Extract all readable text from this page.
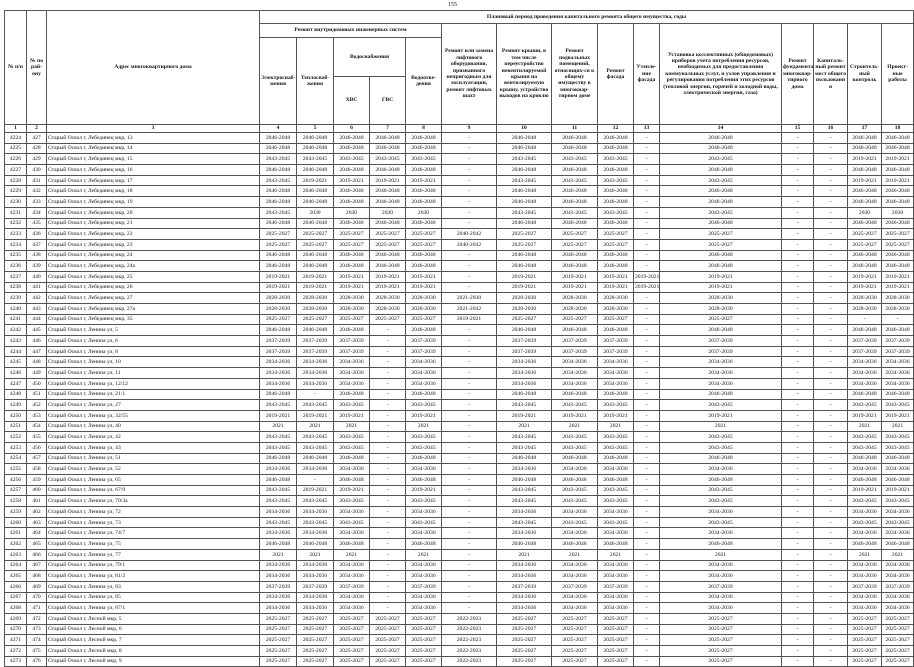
155
№ п/п	№ по рай-ону	Адрес многоквартирного дома	Плановый период проведения капитального ремонта общего имущества, годы														
			Ремонт внутридомовых инженерных систем					Ремонт или замена лифтового оборудования, признанного непригодным для эксплуатации, ремонт лифтовых шахт	Ремонт крыши, в том числе переустройство невентилируемой крыши на вентилируемую крышу, устройство выходов на кровлю	Ремонт подвальных помещений, относящих-ся к общему имуществу в многоквар-тирном доме	Ремонт фасада	Утепле-ние фасада	Установка коллективных (общедомовых) приборов учета потребления ресурсов, необходимых для предоставления коммунальных услуг, и узлов управления и регулирования потребления этих ресурсов (тепловой энергии, горячей и холодной воды, электрической энергии, газа)	Ремонт фундамента многоквар-тирного дома	Капиталь-ный ремонт мест общего пользовани я	Строитель-ный контроль	Проект-ные работы
			Электроснаб-жения	Теплоснаб-жения	Водоснабжения
ХВС ГВС		Водоотве-дения										
1	2	3	4	5	6	7	8	9	10	11	12	13	14	15	16	17	18
4224	427	Старый Оскол г, Лебединец мкр, 13	2046-2048	2046-2048	2046-2048	2046-2048	2046-2048	-	2046-2048	2046-2048	2046-2048	-	2046-2048	-	-	2046-2048	2046-2048
4225	428	Старый Оскол г, Лебединец мкр, 14	2046-2048	2046-2048	2046-2048	2046-2048	2046-2048	-	2046-2048	2046-2048	2046-2048	-	2046-2048	-	-	2046-2048	2046-2048
4226	429	Старый Оскол г, Лебединец мкр, 15	2043-2045	2043-2045	2043-2045	2043-2045	2043-2045	-	2043-2045	2043-2045	2043-2045	-	2043-2045	-	-	2019-2021	2019-2021
4227	430	Старый Оскол г, Лебединец мкр, 16	2046-2048	2046-2048	2046-2048	2046-2048	2046-2048	-	2046-2048	2046-2048	2046-2048	-	2046-2048	-	-	2046-2048	2046-2048
4228	431	Старый Оскол г, Лебединец мкр, 17	2043-2045	2019-2021	2019-2021	2019-2021	2019-2021	-	2043-2045	2043-2045	2043-2045	-	2043-2045	-	-	2019-2021	2019-2021
4229	432	Старый Оскол г, Лебединец мкр, 18	2046-2048	2046-2048	2046-2048	2046-2048	2046-2048	-	2046-2048	2046-2048	2046-2048	-	2046-2048	-	-	2046-2048	2046-2048
4230	433	Старый Оскол г, Лебединец мкр, 19	2046-2048	2046-2048	2046-2048	2046-2048	2046-2048	-	2046-2048	2046-2048	2046-2048	-	2046-2048	-	-	2046-2048	2046-2048
4231	434	Старый Оскол г, Лебединец мкр, 20	2043-2045	2030	2030	2030	2030	-	2043-2045	2043-2045	2043-2045	-	2043-2045	-	-	2030	2030
4232	435	Старый Оскол г, Лебединец мкр, 21	2046-2048	2046-2048	2046-2048	2046-2048	2046-2048	-	2046-2048	2046-2048	2046-2048	-	2046-2048	-	-	2046-2048	2046-2048
4233	436	Старый Оскол г, Лебединец мкр, 22	2025-2027	2025-2027	2025-2027	2025-2027	2025-2027	2040-2042	2025-2027	2025-2027	2025-2027	-	2025-2027	-	-	2025-2027	2025-2027
4234	437	Старый Оскол г, Лебединец мкр, 23	2025-2027	2025-2027	2025-2027	2025-2027	2025-2027	2040-2042	2025-2027	2025-2027	2025-2027	-	2025-2027	-	-	2025-2027	2025-2027
4235	438	Старый Оскол г, Лебединец мкр, 24	2046-2048	2046-2048	2046-2048	2046-2048	2046-2048	-	2046-2048	2046-2048	2046-2048	-	2046-2048	-	-	2046-2048	2046-2048
4236	439	Старый Оскол г, Лебединец мкр, 24а	2046-2048	2046-2048	2046-2048	2046-2048	2046-2048	-	2046-2048	2046-2048	2046-2048	-	2046-2048	-	-	2046-2048	2046-2048
4237	440	Старый Оскол г, Лебединец мкр, 25	2019-2021	2019-2021	2019-2021	2019-2021	2019-2021	-	2019-2021	2019-2021	2019-2021	2019-2021	2019-2021	-	-	2019-2021	2019-2021
4238	441	Старый Оскол г, Лебединец мкр, 26	2019-2021	2019-2021	2019-2021	2019-2021	2019-2021	-	2019-2021	2019-2021	2019-2021	2019-2021	2019-2021	-	-	2019-2021	2019-2021
4239	442	Старый Оскол г, Лебединец мкр, 27	2028-2030	2028-2030	2028-2030	2028-2030	2028-2030	2021-2030	2028-2030	2028-2030	2028-2030	-	2028-2030	-	-	2028-2030	2028-2030
4240	443	Старый Оскол г, Лебединец мкр, 27а	2028-2030	2028-2030	2028-2030	2028-2030	2028-2030	2021-2042	2028-2030	2028-2030	2028-2030	-	2028-2030	-	-	2028-2030	2028-2030
4241	444	Старый Оскол г, Лебединец мкр, 35	2025-2027	2025-2027	2025-2027	2025-2027	2025-2027	2019-2021	2025-2027	2025-2027	2025-2027	-	2025-2027	-	-	-	-
4242	445	Старый Оскол г, Ленина ул, 5	2046-2048	2046-2048	2046-2048	-	2046-2048	-	2046-2048	2046-2048	2046-2048	-	2046-2048	-	-	2046-2048	2046-2048
4243	446	Старый Оскол г, Ленина ул, 6	2037-2039	2037-2039	2037-2039	-	2037-2039	-	2037-2039	2037-2039	2037-2039	-	2037-2039	-	-	2037-2039	2037-2039
4244	447	Старый Оскол г, Ленина ул, 8	2037-2039	2037-2039	2037-2039	-	2037-2039	-	2037-2039	2037-2039	2037-2039	-	2037-2039	-	-	2037-2039	2037-2039
4245	448	Старый Оскол г, Ленина ул, 10	2034-2036	2034-2036	2034-2036	-	2034-2036	-	2034-2036	2034-2036	2034-2036	-	2034-2036	-	-	2034-2036	2034-2036
4246	449	Старый Оскол г, Ленина ул, 11	2034-2036	2034-2036	2034-2036	-	2034-2036	-	2034-2036	2034-2036	2034-2036	-	2034-2036	-	-	2034-2036	2034-2036
4247	450	Старый Оскол г, Ленина ул, 12/12	2034-2036	2034-2036	2034-2036	-	2034-2036	-	2034-2036	2034-2036	2034-2036	-	2034-2036	-	-	2034-2036	2034-2036
4248	451	Старый Оскол г, Ленина ул, 21/1	2046-2048	-	2046-2048	-	2046-2048	-	2046-2048	2046-2048	2046-2048	-	2046-2048	-	-	2046-2048	2046-2048
4249	452	Старый Оскол г, Ленина ул, 27	2043-2045	2043-2045	2043-2045	-	2043-2045	-	2043-2045	2043-2045	2043-2045	-	2043-2045	-	-	2043-2045	2043-2045
4250	453	Старый Оскол г, Ленина ул, 32/55	2019-2021	2019-2021	2019-2021	-	2019-2021	-	2019-2021	2019-2021	2019-2021	-	2019-2021	-	-	2019-2021	2019-2021
4251	454	Старый Оскол г, Ленина ул, 40	2021	2021	2021	-	2021	-	2021	2021	2021	-	2021	-	-	2021	2021
4252	455	Старый Оскол г, Ленина ул, 42	2043-2045	2043-2045	2043-2045	-	2043-2045	-	2043-2045	2043-2045	2043-2045	-	2043-2045	-	-	2043-2045	2043-2045
4253	456	Старый Оскол г, Ленина ул, 43	2043-2045	2043-2045	2043-2045	-	2043-2045	-	2043-2045	2043-2045	2043-2045	-	2043-2045	-	-	2043-2045	2043-2045
4254	457	Старый Оскол г, Ленина ул, 51	2046-2048	2046-2048	2046-2048	-	2046-2048	-	2046-2048	2046-2048	2046-2048	-	2046-2048	-	-	2046-2048	2046-2048
4255	458	Старый Оскол г, Ленина ул, 52	2034-2036	2034-2036	2034-2036	-	2034-2036	-	2034-2036	2034-2036	2034-2036	-	2034-2036	-	-	2034-2036	2034-2036
4256	459	Старый Оскол г, Ленина ул, 65	2046-2048	-	2046-2048	-	2046-2048	-	2046-2048	2046-2048	2046-2048	-	2046-2048	-	-	2046-2048	2046-2048
4257	460	Старый Оскол г, Ленина ул, 67/9	2043-2045	2019-2021	2019-2021	-	2019-2021	-	2043-2045	2043-2045	2043-2045	-	2043-2045	-	-	2019-2021	2019-2021
4258	461	Старый Оскол г, Ленина ул, 70/3а	2043-2045	2043-2045	2043-2045	-	2043-2045	-	2043-2045	2043-2045	2043-2045	-	2043-2045	-	-	2043-2045	2043-2045
4259	462	Старый Оскол г, Ленина ул, 72	2034-2036	2034-2036	2034-2036	-	2034-2036	-	2034-2036	2034-2036	2034-2036	-	2034-2036	-	-	2034-2036	2034-2036
4260	463	Старый Оскол г, Ленина ул, 73	2043-2045	2043-2045	2043-2045	-	2043-2045	-	2043-2045	2043-2045	2043-2045	-	2043-2045	-	-	2043-2045	2043-2045
4261	464	Старый Оскол г, Ленина ул, 74/7	2034-2036	2034-2036	2034-2036	-	2034-2036	-	2034-2036	2034-2036	2034-2036	-	2034-2036	-	-	2034-2036	2034-2036
4262	465	Старый Оскол г, Ленина ул, 75	2046-2048	2046-2048	2046-2048	-	2046-2048	-	2046-2048	2046-2048	2046-2048	-	2046-2048	-	-	2046-2048	2046-2048
4263	466	Старый Оскол г, Ленина ул, 77	2021	2021	2021	-	2021	-	2021	2021	2021	-	2021	-	-	2021	2021
4264	467	Старый Оскол г, Ленина ул, 79/1	2034-2036	2034-2036	2034-2036	-	2034-2036	-	2034-2036	2034-2036	2034-2036	-	2034-2036	-	-	2034-2036	2034-2036
4265	468	Старый Оскол г, Ленина ул, 81/2	2034-2036	2034-2036	2034-2036	-	2034-2036	-	2034-2036	2034-2036	2034-2036	-	2034-2036	-	-	2034-2036	2034-2036
4266	469	Старый Оскол г, Ленина ул, 83	2037-2039	2037-2039	2037-2039	-	2037-2039	-	2037-2039	2037-2039	2037-2039	-	2037-2039	-	-	2037-2039	2037-2039
4267	470	Старый Оскол г, Ленина ул, 85	2034-2036	2034-2036	2034-2036	-	2034-2036	-	2034-2036	2034-2036	2034-2036	-	2034-2036	-	-	2034-2036	2034-2036
4268	471	Старый Оскол г, Ленина ул, 87/1	2034-2036	2034-2036	2034-2036	-	2034-2036	-	2034-2036	2034-2036	2034-2036	-	2034-2036	-	-	2034-2036	2034-2036
4269	472	Старый Оскол г, Лесной мкр, 5	2025-2027	2025-2027	2025-2027	2025-2027	2025-2027	2022-2023	2025-2027	2025-2027	2025-2027	-	2025-2027	-	-	2025-2027	2025-2027
4270	473	Старый Оскол г, Лесной мкр, 6	2025-2027	2025-2027	2025-2027	2025-2027	2025-2027	2022-2023	2025-2027	2025-2027	2025-2027	-	2025-2027	-	-	2025-2027	2025-2027
4271	474	Старый Оскол г, Лесной мкр, 7	2025-2027	2025-2027	2025-2027	2025-2027	2025-2027	2022-2023	2025-2027	2025-2027	2025-2027	-	2025-2027	-	-	2025-2027	2025-2027
4272	475	Старый Оскол г, Лесной мкр, 8	2025-2027	2025-2027	2025-2027	2025-2027	2025-2027	2022-2023	2025-2027	2025-2027	2025-2027	-	2025-2027	-	-	2025-2027	2025-2027
4273	476	Старый Оскол г, Лесной мкр, 9	2025-2027	2025-2027	2025-2027	2025-2027	2025-2027	2022-2023	2025-2027	2025-2027	2025-2027	-	2025-2027	-	-	2025-2027	2025-2027
